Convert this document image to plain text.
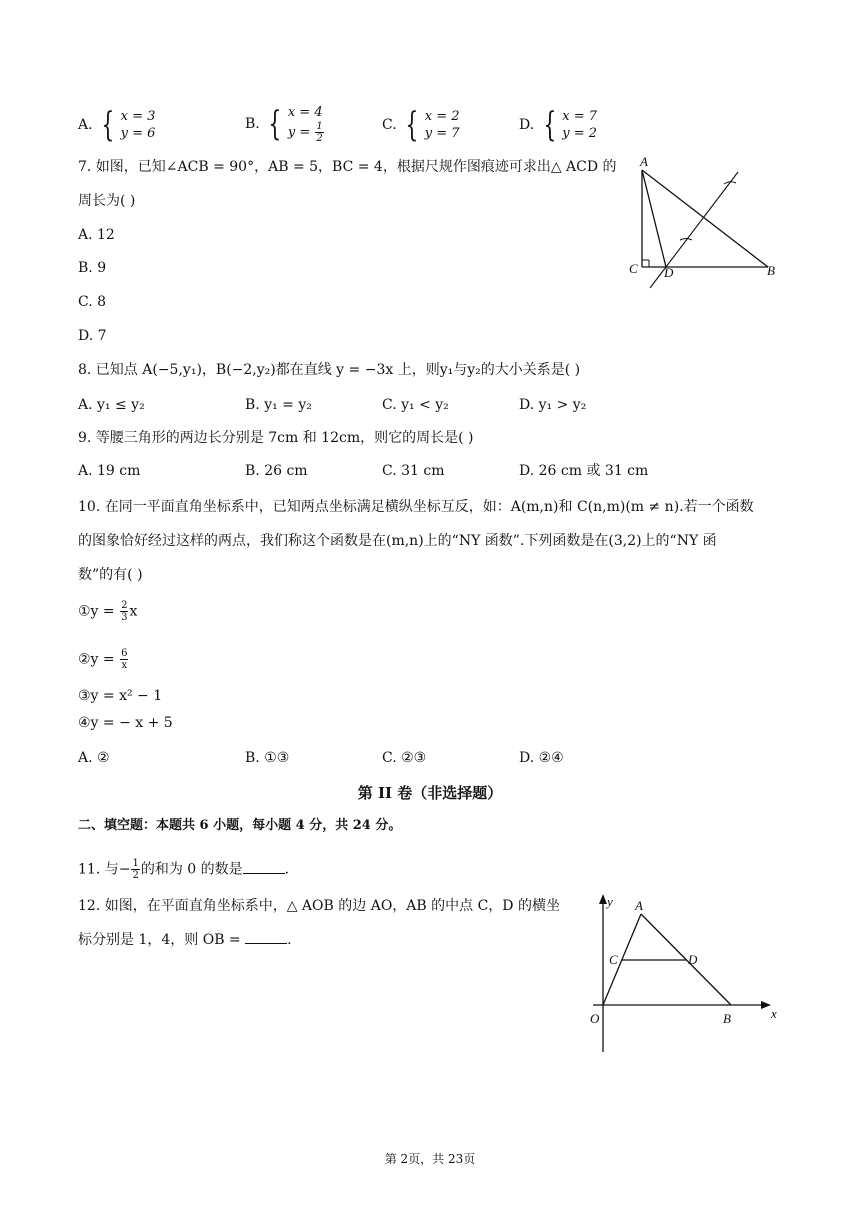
A. { x = 3
y = 6
B. { x = 4
$y = \frac{1}{2}$	C. { x = 2
y = 7
D. { x = 7
y = 2
7. 如图，已知∠ACB = 90°，AB = 5，BC = 4，根据尺规作图痕迹可求出△ ACD 的
周长为( )
A. 12
B. 9
C. 8
D. 7
A
C D	B
8. 已知点 A(−5,y₁)，B(−2,y₂)都在直线 y = −3x 上，则y₁与y₂的大小关系是( )
A. y₁ ≤ y₂	B. y₁ = y₂	C. y₁ < y₂	D. y₁ > y₂
9. 等腰三角形的两边长分别是 7cm 和 12cm，则它的周长是( )
A. 19 cm	B. 26 cm	C. 31 cm	D. 26 cm 或 31 cm
10. 在同一平面直角坐标系中，已知两点坐标满足横纵坐标互反，如：A(m,n)和 C(n,m)(m ≠ n).若一个函数
的图象恰好经过这样的两点，我们称这个函数是在(m,n)上的“NY 函数”.下列函数是在(3,2)上的“NY 函
数”的有( )
①y = $\frac{2}{3}$ x
②y = $\frac{6}{x}$
③y = x² − 1
④y = − x + 5
A. ②	B. ①③	C. ②③	D. ②④
第 II 卷（非选择题）
二、填空题：本题共 6 小题，每小题 4 分，共 24 分。
11. 与− $\frac{1}{2}$ 的和为 0 的数是	.
12. 如图，在平面直角坐标系中，△ AOB 的边 AO，AB 的中点 C，D 的横坐
标分别是 1，4，则 OB =	.
y
x
A
C	D
O	B
第 2页，共 23页
